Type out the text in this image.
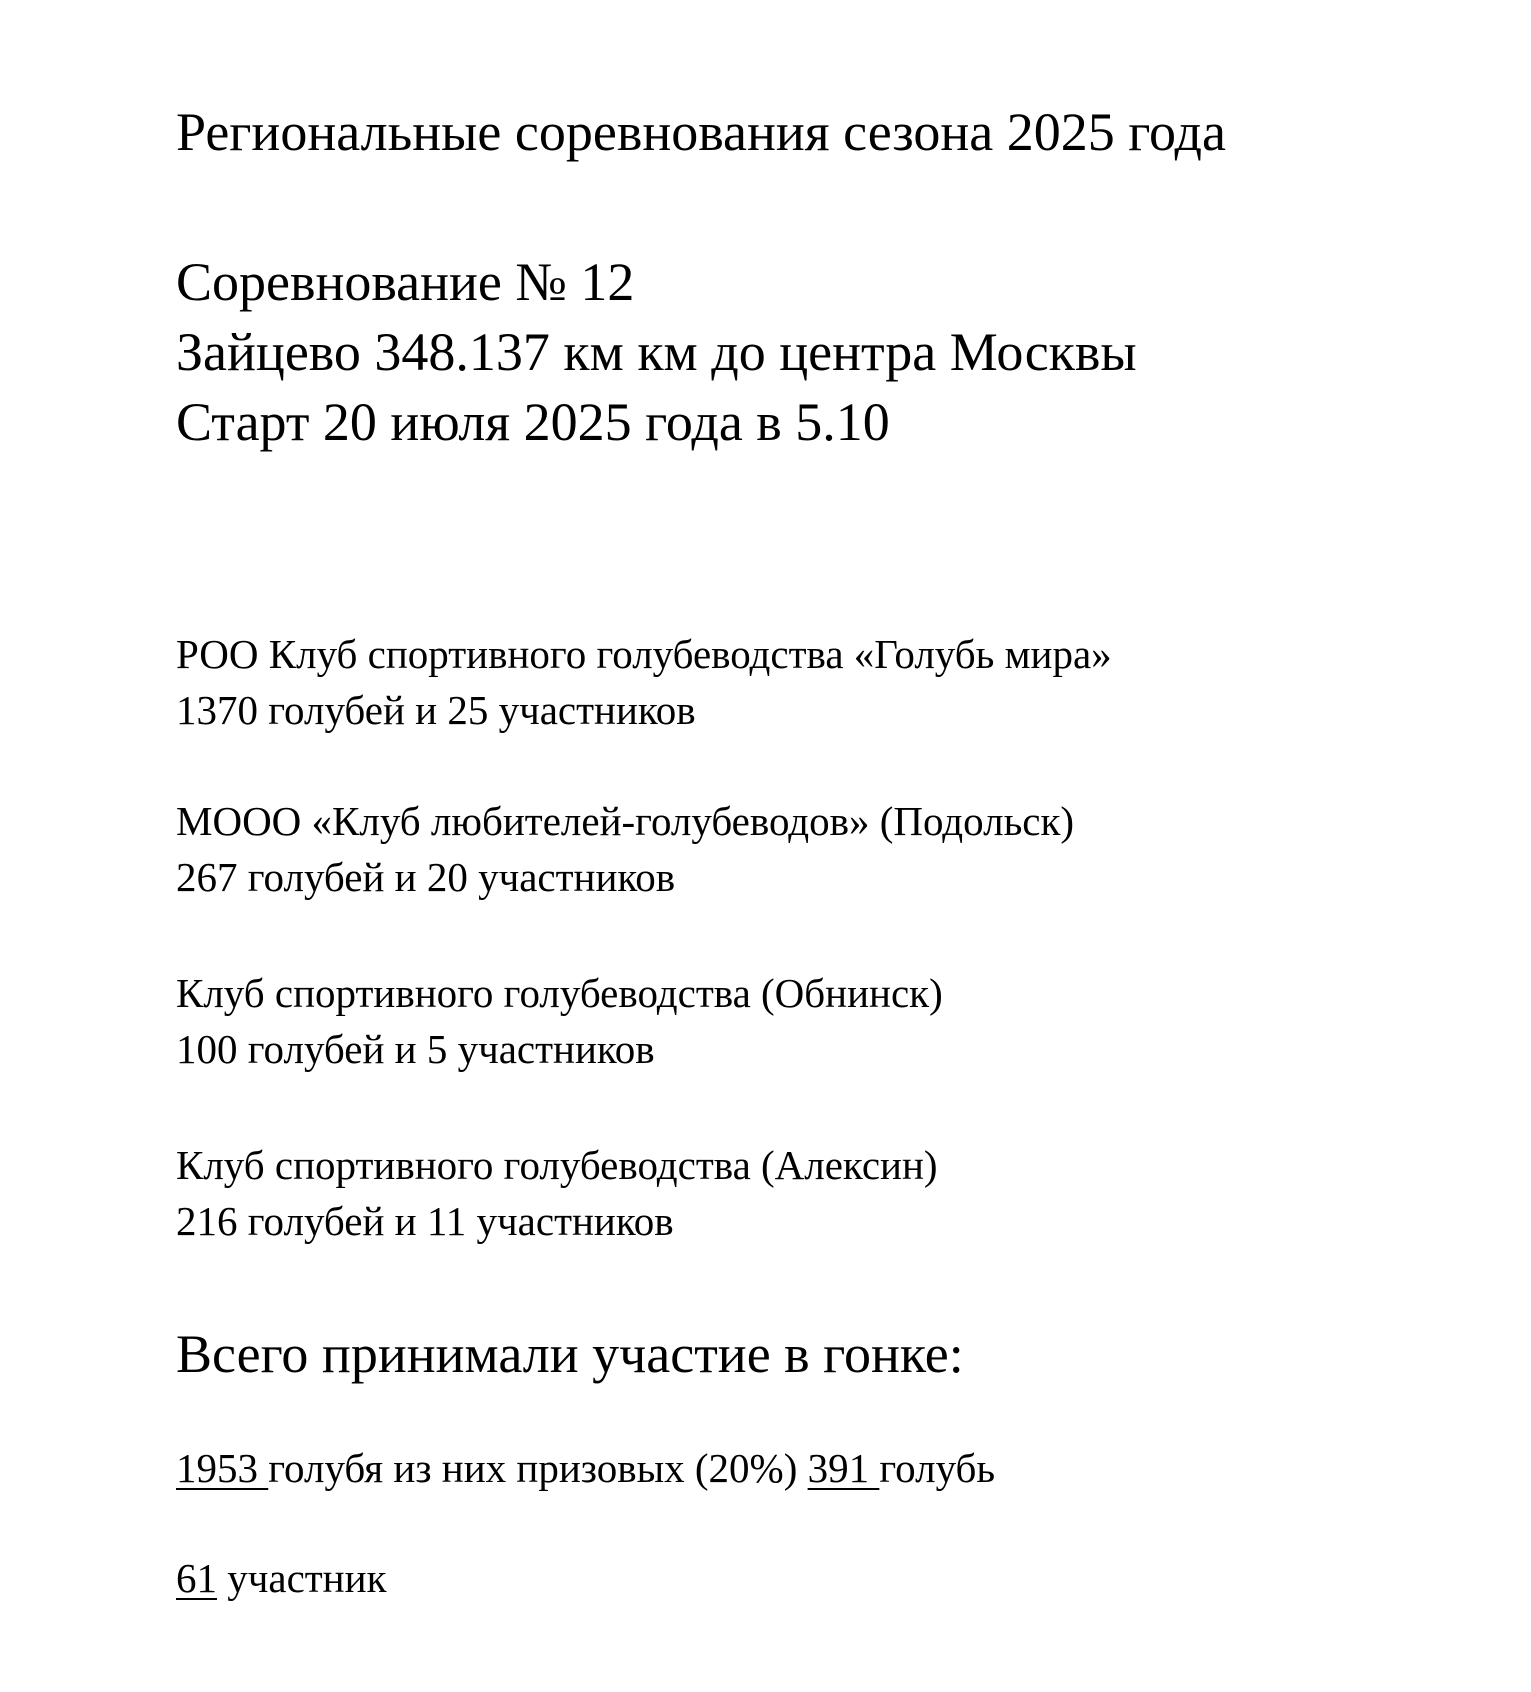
Региональные соревнования сезона 2025 года
Соревнование № 12
Зайцево 348.137 км км до центра Москвы
Старт 20 июля 2025 года в 5.10
РОО Клуб спортивного голубеводства «Голубь мира»
1370 голубей и 25 участников
МООО «Клуб любителей-голубеводов» (Подольск)
267 голубей и 20 участников
Клуб спортивного голубеводства (Обнинск)
100 голубей и 5 участников
Клуб спортивного голубеводства (Алексин)
216 голубей и 11 участников
Всего принимали участие в гонке:
1953 голубя из них призовых (20%) 391 голубь
61 участник
